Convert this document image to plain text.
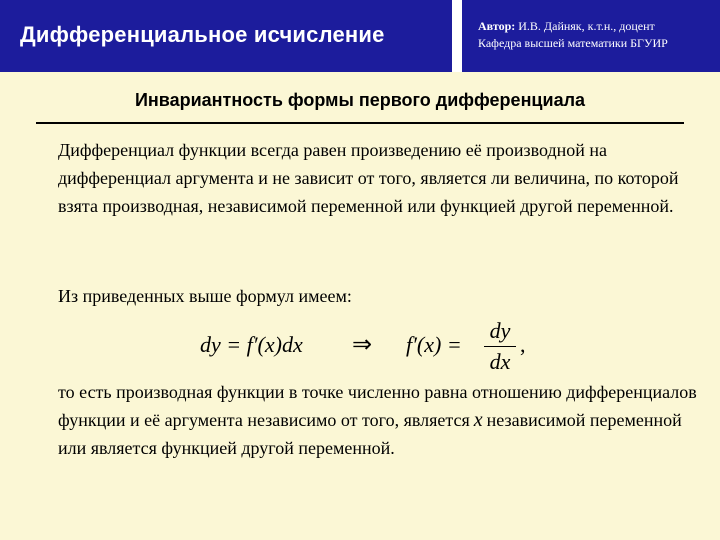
Дифференциальное исчисление	Автор: И.В. Дайняк, к.т.н., доцент
Кафедра высшей математики БГУИР
Инвариантность формы первого дифференциала
Дифференциал функции всегда равен произведению её производной на дифференциал аргумента и не зависит от того, является ли величина, по которой взята производная, независимой переменной или функцией другой переменной.
Из приведенных выше формул имеем:
dy = f′(x)dx ⇒ f′(x) =
dy
dx
,
то есть производная функции в точке численно равна отношению дифференциалов функции и её аргумента независимо от того, является x независимой переменной или является функцией другой переменной.
